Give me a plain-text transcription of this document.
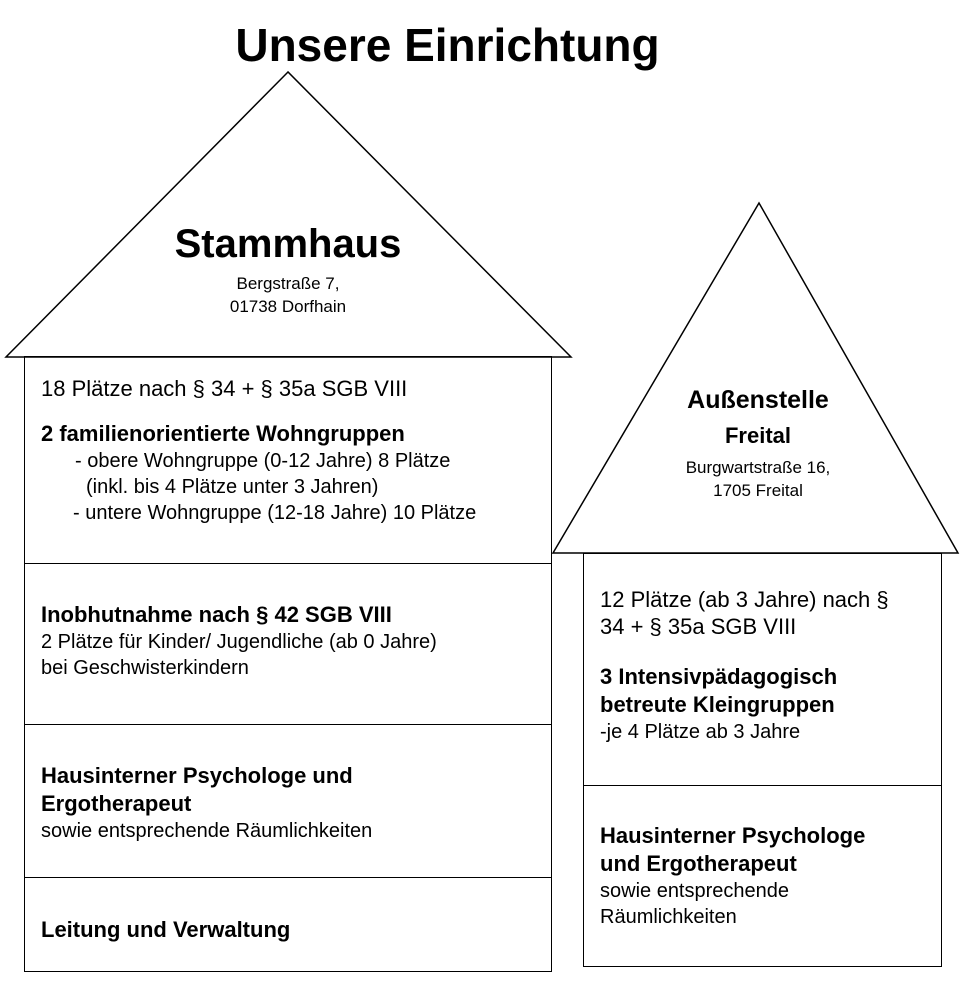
Unsere Einrichtung
Stammhaus
Bergstraße 7,
01738 Dorfhain
Außenstelle
Freital
Burgwartstraße 16,
1705 Freital
18 Plätze nach § 34 + § 35a SGB VIII
2 familienorientierte Wohngruppen
- obere Wohngruppe (0-12 Jahre) 8 Plätze
(inkl. bis 4 Plätze unter 3 Jahren)
- untere Wohngruppe (12-18 Jahre) 10 Plätze
Inobhutnahme nach § 42 SGB VIII
2 Plätze für Kinder/ Jugendliche (ab 0 Jahre)
bei Geschwisterkindern
Hausinterner Psychologe und
Ergotherapeut
sowie entsprechende Räumlichkeiten
Leitung und Verwaltung
12 Plätze (ab 3 Jahre) nach §
34 + § 35a SGB VIII
3 Intensivpädagogisch
betreute Kleingruppen
-je 4 Plätze ab 3 Jahre
Hausinterner Psychologe
und Ergotherapeut
sowie entsprechende
Räumlichkeiten
